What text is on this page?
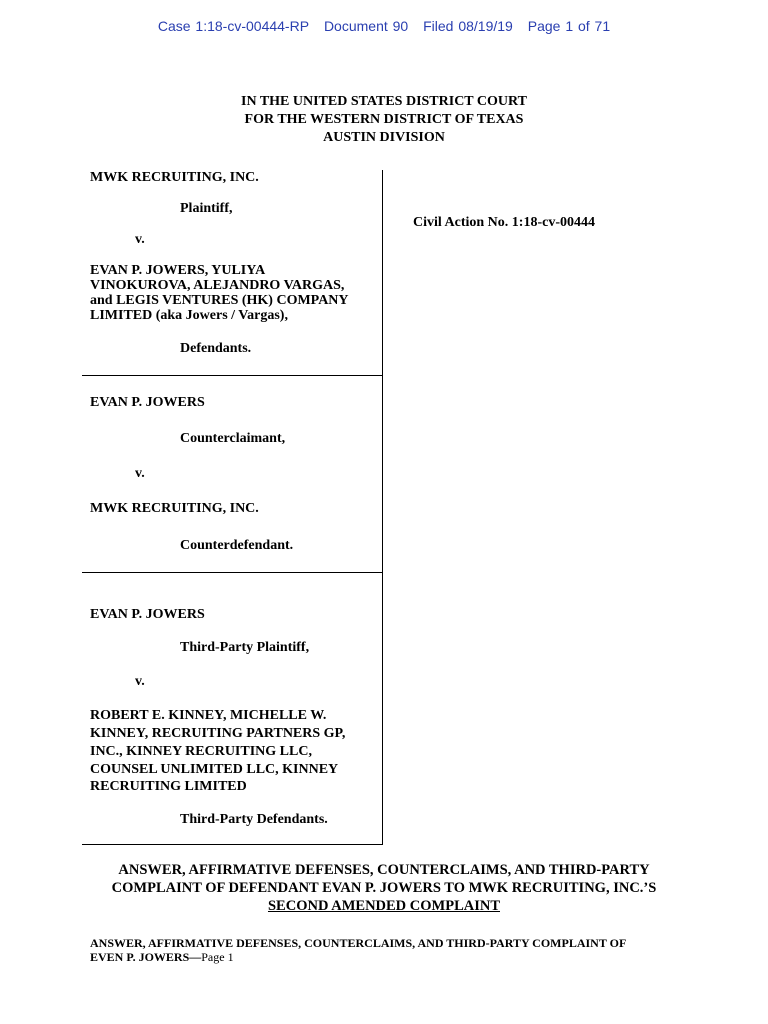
Case 1:18-cv-00444-RP Document 90 Filed 08/19/19 Page 1 of 71
IN THE UNITED STATES DISTRICT COURT
FOR THE WESTERN DISTRICT OF TEXAS
AUSTIN DIVISION
MWK RECRUITING, INC.
Plaintiff,
v.
EVAN P. JOWERS, YULIYA
VINOKUROVA, ALEJANDRO VARGAS,
and LEGIS VENTURES (HK) COMPANY
LIMITED (aka Jowers / Vargas),
Defendants.
EVAN P. JOWERS
Counterclaimant,
v.
MWK RECRUITING, INC.
Counterdefendant.
EVAN P. JOWERS
Third-Party Plaintiff,
v.
ROBERT E. KINNEY, MICHELLE W.
KINNEY, RECRUITING PARTNERS GP,
INC., KINNEY RECRUITING LLC,
COUNSEL UNLIMITED LLC, KINNEY
RECRUITING LIMITED
Third-Party Defendants.
Civil Action No. 1:18-cv-00444
ANSWER, AFFIRMATIVE DEFENSES, COUNTERCLAIMS, AND THIRD-PARTY
COMPLAINT OF DEFENDANT EVAN P. JOWERS TO MWK RECRUITING, INC.’S
SECOND AMENDED COMPLAINT
ANSWER, AFFIRMATIVE DEFENSES, COUNTERCLAIMS, AND THIRD-PARTY COMPLAINT OF
EVEN P. JOWERS—Page 1
